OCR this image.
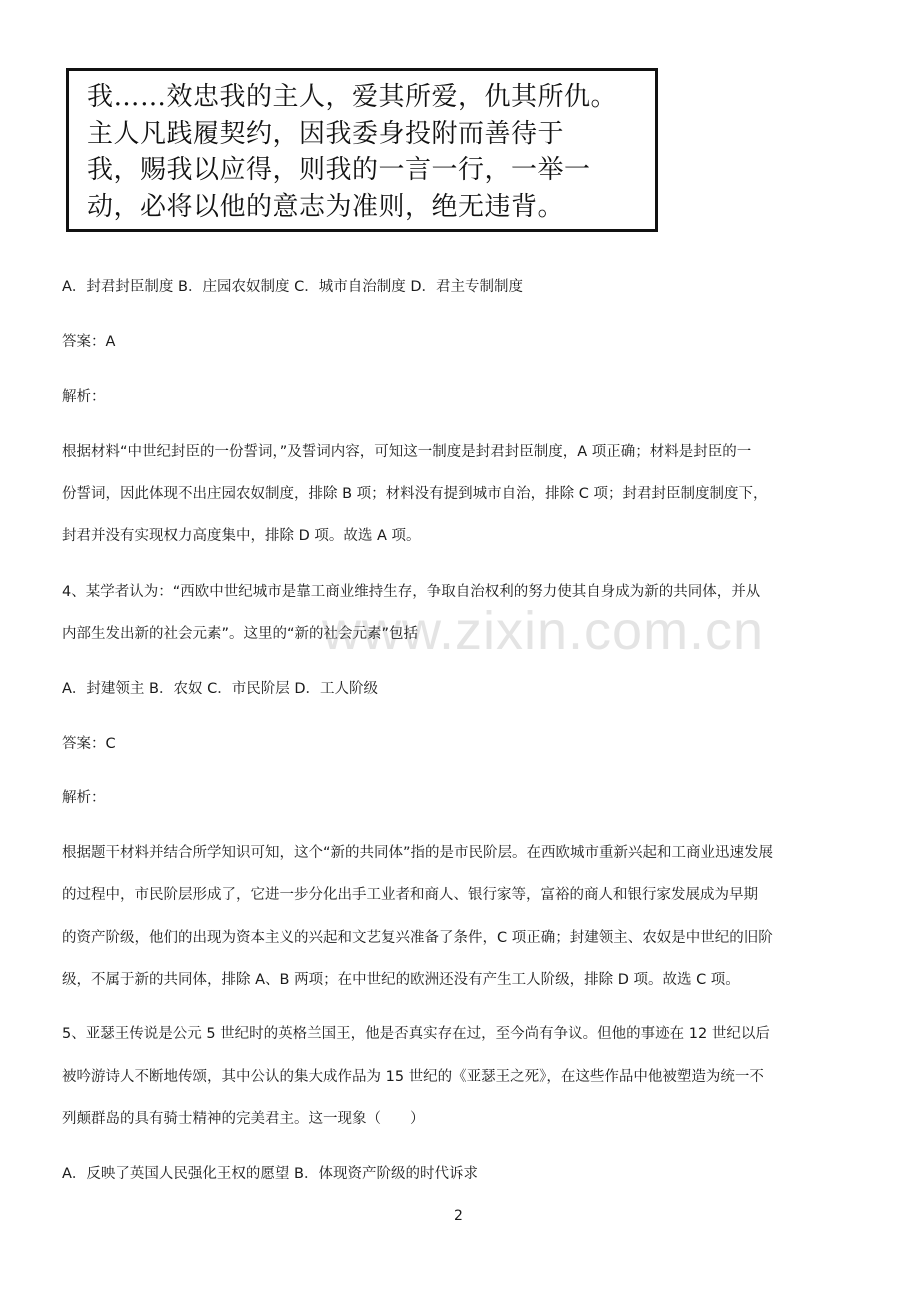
我……效忠我的主人，爱其所爱，仇其所仇。
主人凡践履契约，因我委身投附而善待于
我，赐我以应得，则我的一言一行，一举一
动，必将以他的意志为准则，绝无违背。
A．封君封臣制度 B．庄园农奴制度 C．城市自治制度 D．君主专制制度
答案：A
解析：
根据材料“中世纪封臣的一份誓词，”及誓词内容，可知这一制度是封君封臣制度，A 项正确；材料是封臣的一
份誓词，因此体现不出庄园农奴制度，排除 B 项；材料没有提到城市自治，排除 C 项；封君封臣制度制度下，
封君并没有实现权力高度集中，排除 D 项。故选 A 项。
www.zixin.com.cn
4、某学者认为：“西欧中世纪城市是靠工商业维持生存，争取自治权利的努力使其自身成为新的共同体，并从
内部生发出新的社会元素”。这里的“新的社会元素”包括
A．封建领主 B．农奴 C．市民阶层 D．工人阶级
答案：C
解析：
根据题干材料并结合所学知识可知，这个“新的共同体”指的是市民阶层。在西欧城市重新兴起和工商业迅速发展
的过程中，市民阶层形成了，它进一步分化出手工业者和商人、银行家等，富裕的商人和银行家发展成为早期
的资产阶级，他们的出现为资本主义的兴起和文艺复兴准备了条件，C 项正确；封建领主、农奴是中世纪的旧阶
级，不属于新的共同体，排除 A、B 两项；在中世纪的欧洲还没有产生工人阶级，排除 D 项。故选 C 项。
5、亚瑟王传说是公元 5 世纪时的英格兰国王，他是否真实存在过，至今尚有争议。但他的事迹在 12 世纪以后
被吟游诗人不断地传颂，其中公认的集大成作品为 15 世纪的《亚瑟王之死》，在这些作品中他被塑造为统一不
列颠群岛的具有骑士精神的完美君主。这一现象（　　）
A．反映了英国人民强化王权的愿望 B．体现资产阶级的时代诉求
2
